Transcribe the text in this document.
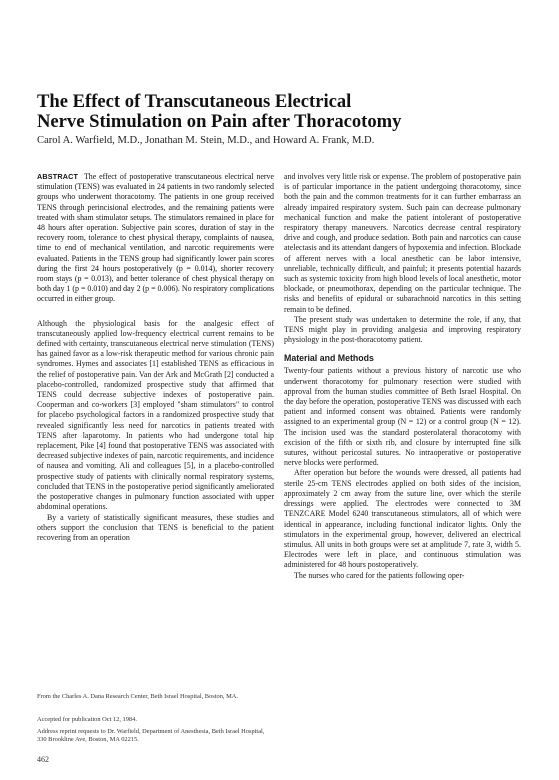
The Effect of Transcutaneous Electrical
Nerve Stimulation on Pain after Thoracotomy
Carol A. Warfield, M.D., Jonathan M. Stein, M.D., and Howard A. Frank, M.D.

ABSTRACT The effect of postoperative transcutaneous electrical nerve stimulation (TENS) was evaluated in 24 patients in two randomly selected groups who underwent thoracotomy. The patients in one group received TENS through perincisional electrodes, and the remaining patients were treated with sham stimulator setups. The stimulators remained in place for 48 hours after operation. Subjective pain scores, duration of stay in the recovery room, tolerance to chest physical therapy, complaints of nausea, time to end of mechanical ventilation, and narcotic requirements were evaluated. Patients in the TENS group had significantly lower pain scores during the first 24 hours postoperatively (p = 0.014), shorter recovery room stays (p = 0.013), and better tolerance of chest physical therapy on both day 1 (p = 0.010) and day 2 (p = 0.006). No respiratory complications occurred in either group.

Although the physiological basis for the analgesic effect of transcutaneously applied low-frequency electrical current remains to be defined with certainty, transcutaneous electrical nerve stimulation (TENS) has gained favor as a low-risk therapeutic method for various chronic pain syndromes. Hymes and associates [1] established TENS as efficacious in the relief of postoperative pain. Van der Ark and McGrath [2] conducted a placebo-controlled, randomized prospective study that affirmed that TENS could decrease subjective indexes of postoperative pain. Cooperman and co-workers [3] employed "sham stimulators" to control for placebo psychological factors in a randomized prospective study that revealed significantly less need for narcotics in patients treated with TENS after laparotomy. In patients who had undergone total hip replacement, Pike [4] found that postoperative TENS was associated with decreased subjective indexes of pain, narcotic requirements, and incidence of nausea and vomiting. Ali and colleagues [5], in a placebo-controlled prospective study of patients with clinically normal respiratory systems, concluded that TENS in the postoperative period significantly ameliorated the postoperative changes in pulmonary function associated with upper abdominal operations.

By a variety of statistically significant measures, these studies and others support the conclusion that TENS is beneficial to the patient recovering from an operation

and involves very little risk or expense. The problem of postoperative pain is of particular importance in the patient undergoing thoracotomy, since both the pain and the common treatments for it can further embarrass an already impaired respiratory system. Such pain can decrease pulmonary mechanical function and make the patient intolerant of postoperative respiratory therapy maneuvers. Narcotics decrease central respiratory drive and cough, and produce sedation. Both pain and narcotics can cause atelectasis and its attendant dangers of hypoxemia and infection. Blockade of afferent nerves with a local anesthetic can be labor intensive, unreliable, technically difficult, and painful; it presents potential hazards such as systemic toxicity from high blood levels of local anesthetic, motor blockade, or pneumothorax, depending on the particular technique. The risks and benefits of epidural or subarachnoid narcotics in this setting remain to be defined.

The present study was undertaken to determine the role, if any, that TENS might play in providing analgesia and improving respiratory physiology in the post-thoracotomy patient.

Material and Methods

Twenty-four patients without a previous history of narcotic use who underwent thoracotomy for pulmonary resection were studied with approval from the human studies committee of Beth Israel Hospital. On the day before the operation, postoperative TENS was discussed with each patient and informed consent was obtained. Patients were randomly assigned to an experimental group (N = 12) or a control group (N = 12). The incision used was the standard posterolateral thoracotomy with excision of the fifth or sixth rib, and closure by interrupted fine silk sutures, without pericostal sutures. No intraoperative or postoperative nerve blocks were performed.

After operation but before the wounds were dressed, all patients had sterile 25-cm TENS electrodes applied on both sides of the incision, approximately 2 cm away from the suture line, over which the sterile dressings were applied. The electrodes were connected to 3M TENZCARE Model 6240 transcutaneous stimulators, all of which were identical in appearance, including functional indicator lights. Only the stimulators in the experimental group, however, delivered an electrical stimulus. All units in both groups were set at amplitude 7, rate 3, width 5. Electrodes were left in place, and continuous stimulation was administered for 48 hours postoperatively.

The nurses who cared for the patients following oper-

From the Charles A. Dana Research Center, Beth Israel Hospital, Boston, MA.
Accepted for publication Oct 12, 1984.
Address reprint requests to Dr. Warfield, Department of Anesthesia, Beth Israel Hospital, 330 Brookline Ave, Boston, MA 02215.
462
